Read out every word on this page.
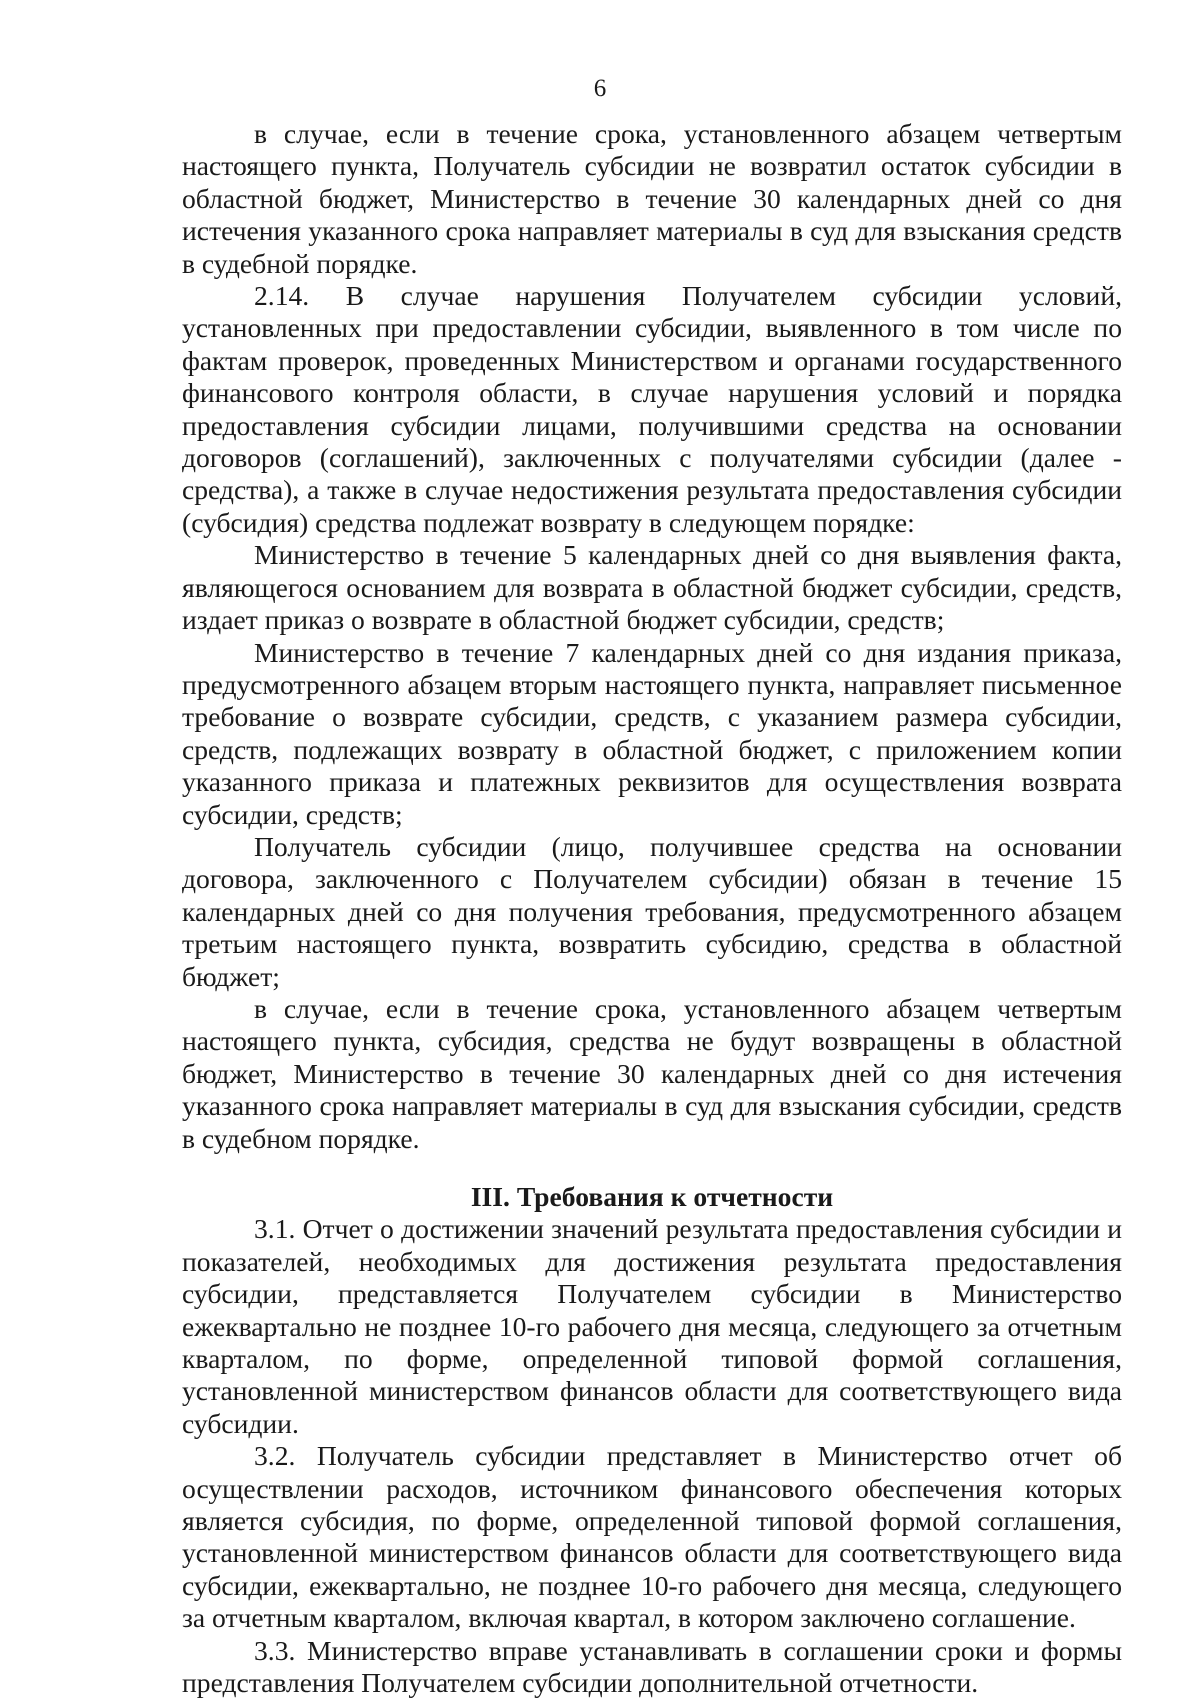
6

в случае, если в течение срока, установленного абзацем четвертым настоящего пункта, Получатель субсидии не возвратил остаток субсидии в областной бюджет, Министерство в течение 30 календарных дней со дня истечения указанного срока направляет материалы в суд для взыскания средств в судебной порядке.

2.14. В случае нарушения Получателем субсидии условий, установленных при предоставлении субсидии, выявленного в том числе по фактам проверок, проведенных Министерством и органами государственного финансового контроля области, в случае нарушения условий и порядка предоставления субсидии лицами, получившими средства на основании договоров (соглашений), заключенных с получателями субсидии (далее - средства), а также в случае недостижения результата предоставления субсидии (субсидия) средства подлежат возврату в следующем порядке:

Министерство в течение 5 календарных дней со дня выявления факта, являющегося основанием для возврата в областной бюджет субсидии, средств, издает приказ о возврате в областной бюджет субсидии, средств;

Министерство в течение 7 календарных дней со дня издания приказа, предусмотренного абзацем вторым настоящего пункта, направляет письменное требование о возврате субсидии, средств, с указанием размера субсидии, средств, подлежащих возврату в областной бюджет, с приложением копии указанного приказа и платежных реквизитов для осуществления возврата субсидии, средств;

Получатель субсидии (лицо, получившее средства на основании договора, заключенного с Получателем субсидии) обязан в течение 15 календарных дней со дня получения требования, предусмотренного абзацем третьим настоящего пункта, возвратить субсидию, средства в областной бюджет;

в случае, если в течение срока, установленного абзацем четвертым настоящего пункта, субсидия, средства не будут возвращены в областной бюджет, Министерство в течение 30 календарных дней со дня истечения указанного срока направляет материалы в суд для взыскания субсидии, средств в судебном порядке.

III. Требования к отчетности

3.1. Отчет о достижении значений результата предоставления субсидии и показателей, необходимых для достижения результата предоставления субсидии, представляется Получателем субсидии в Министерство ежеквартально не позднее 10-го рабочего дня месяца, следующего за отчетным кварталом, по форме, определенной типовой формой соглашения, установленной министерством финансов области для соответствующего вида субсидии.

3.2. Получатель субсидии представляет в Министерство отчет об осуществлении расходов, источником финансового обеспечения которых является субсидия, по форме, определенной типовой формой соглашения, установленной министерством финансов области для соответствующего вида субсидии, ежеквартально, не позднее 10-го рабочего дня месяца, следующего за отчетным кварталом, включая квартал, в котором заключено соглашение.

3.3. Министерство вправе устанавливать в соглашении сроки и формы представления Получателем субсидии дополнительной отчетности.
